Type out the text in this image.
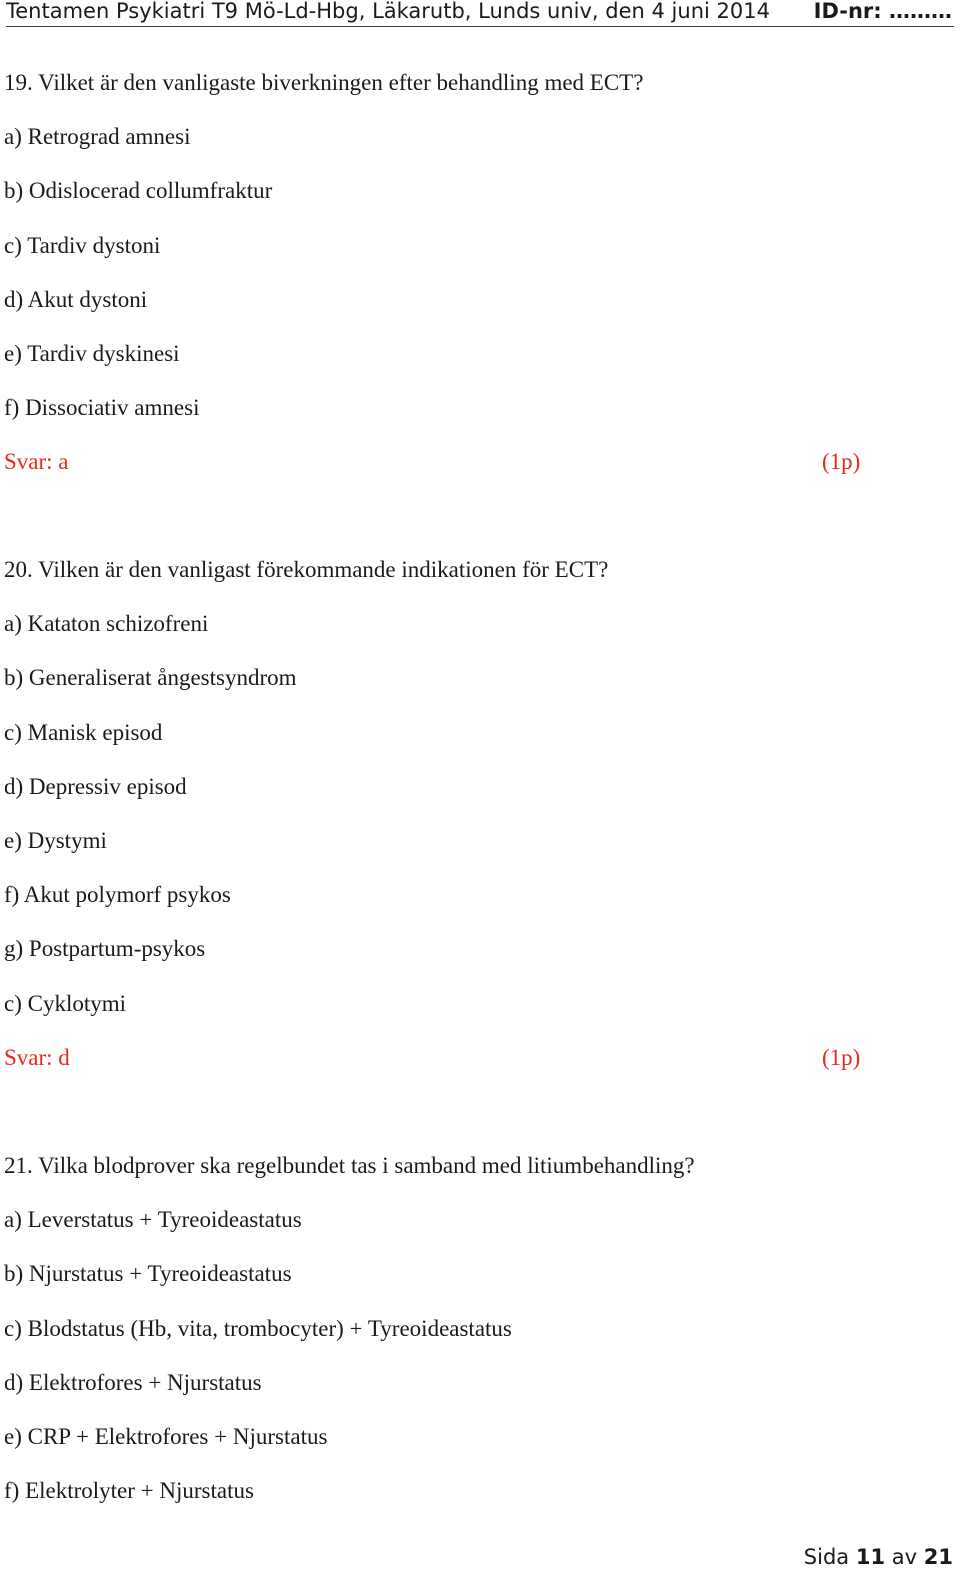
Tentamen Psykiatri T9 Mö-Ld-Hbg, Läkarutb, Lunds univ, den 4 juni 2014 ID-nr: ………
19. Vilket är den vanligaste biverkningen efter behandling med ECT?
a) Retrograd amnesi
b) Odislocerad collumfraktur
c) Tardiv dystoni
d) Akut dystoni
e) Tardiv dyskinesi
f) Dissociativ amnesi
Svar: a	(1p)
20. Vilken är den vanligast förekommande indikationen för ECT?
a) Kataton schizofreni
b) Generaliserat ångestsyndrom
c) Manisk episod
d) Depressiv episod
e) Dystymi
f) Akut polymorf psykos
g) Postpartum-psykos
c) Cyklotymi
Svar: d	(1p)
21. Vilka blodprover ska regelbundet tas i samband med litiumbehandling?
a) Leverstatus + Tyreoideastatus
b) Njurstatus + Tyreoideastatus
c) Blodstatus (Hb, vita, trombocyter) + Tyreoideastatus
d) Elektrofores + Njurstatus
e) CRP + Elektrofores + Njurstatus
f) Elektrolyter + Njurstatus
Sida 11 av 21
